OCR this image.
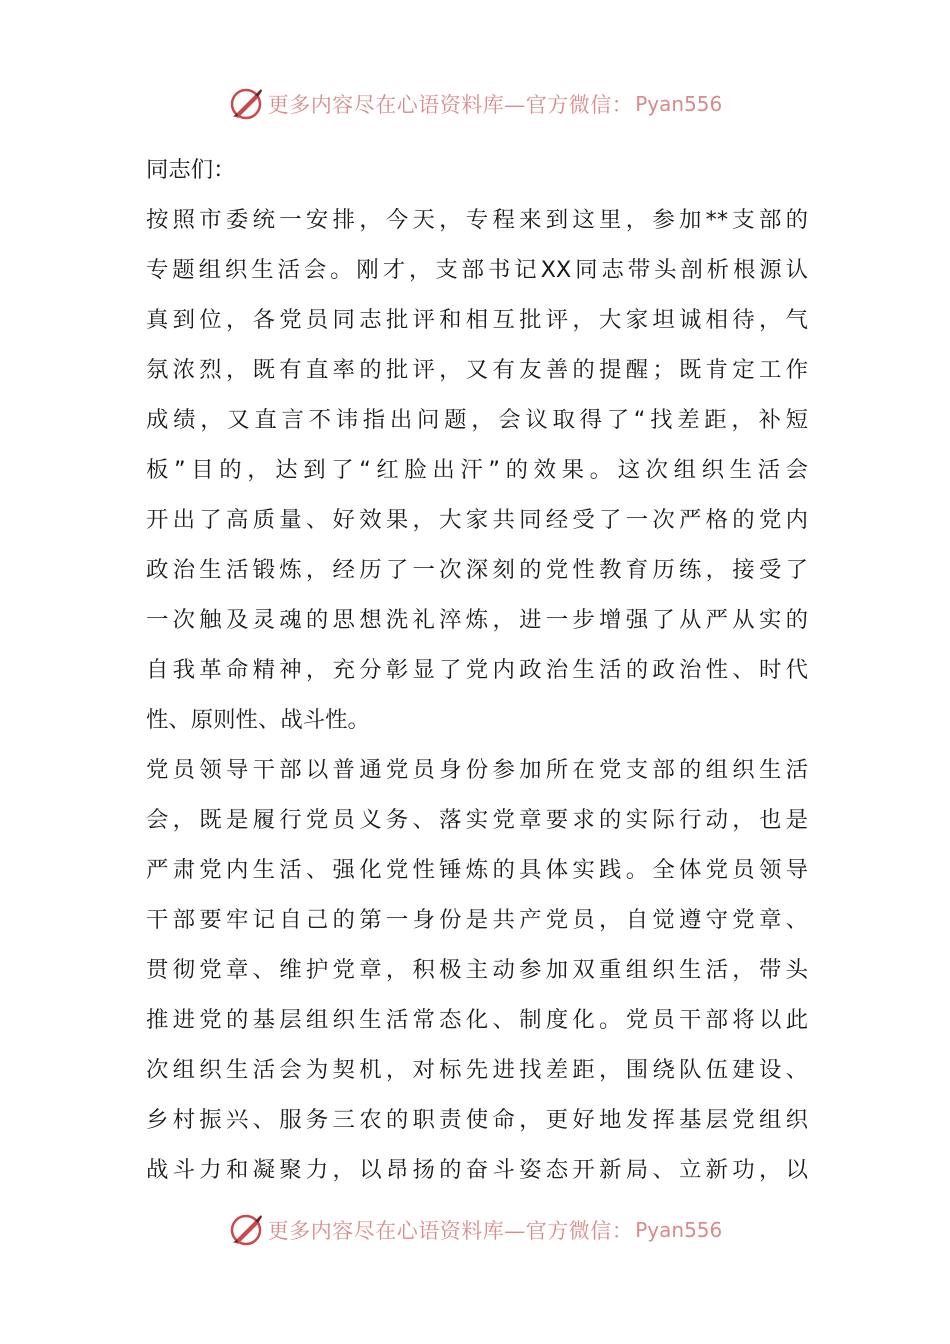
更多内容尽在心语资料库—官方微信： Pyan556
同志们：
按照市委统一安排，今天，专程来到这里，参加**支部的
专题组织生活会。刚才，支部书记XX同志带头剖析根源认
真到位，各党员同志批评和相互批评，大家坦诚相待，气
氛浓烈，既有直率的批评，又有友善的提醒；既肯定工作
成绩，又直言不讳指出问题，会议取得了“找差距，补短
板”目的，达到了“红脸出汗”的效果。这次组织生活会
开出了高质量、好效果，大家共同经受了一次严格的党内
政治生活锻炼，经历了一次深刻的党性教育历练，接受了
一次触及灵魂的思想洗礼淬炼，进一步增强了从严从实的
自我革命精神，充分彰显了党内政治生活的政治性、时代
性、原则性、战斗性。
党员领导干部以普通党员身份参加所在党支部的组织生活
会，既是履行党员义务、落实党章要求的实际行动，也是
严肃党内生活、强化党性锤炼的具体实践。全体党员领导
干部要牢记自己的第一身份是共产党员，自觉遵守党章、
贯彻党章、维护党章，积极主动参加双重组织生活，带头
推进党的基层组织生活常态化、制度化。党员干部将以此
次组织生活会为契机，对标先进找差距，围绕队伍建设、
乡村振兴、服务三农的职责使命，更好地发挥基层党组织
战斗力和凝聚力，以昂扬的奋斗姿态开新局、立新功，以
更多内容尽在心语资料库—官方微信： Pyan556
